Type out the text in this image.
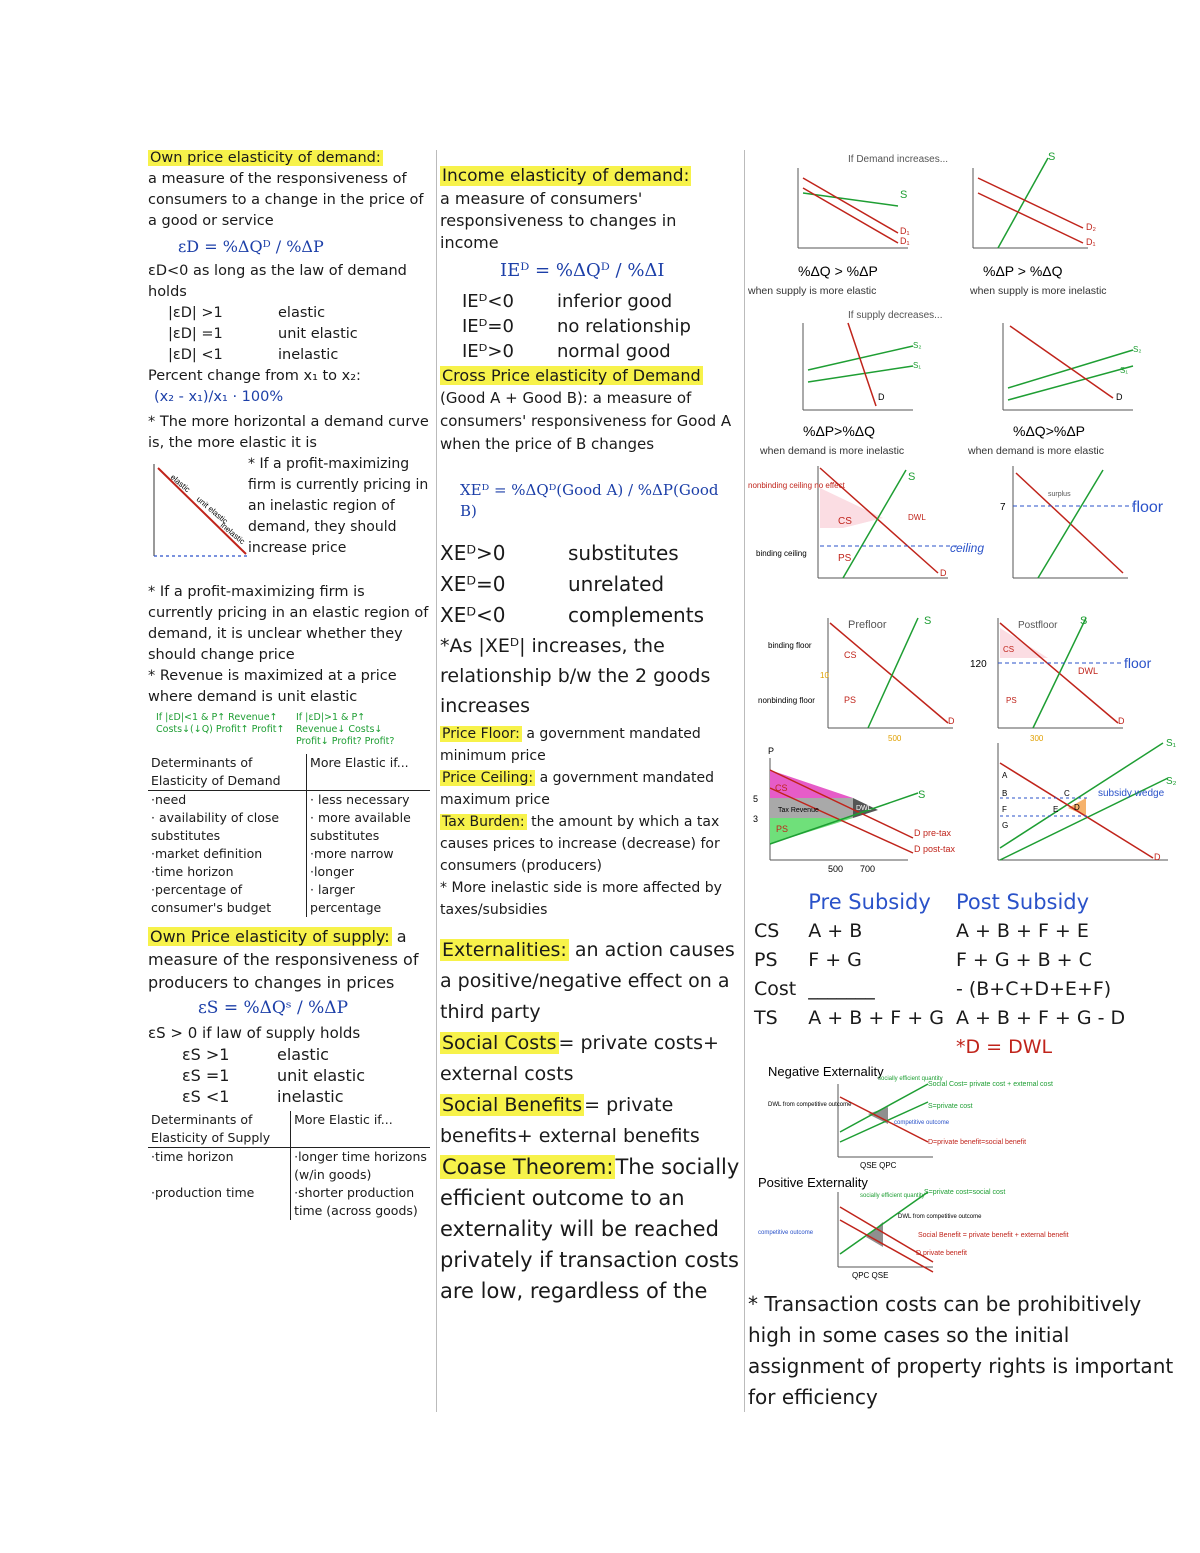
Own price elasticity of demand:

a measure of the responsiveness of consumers to a change in the price of a good or service

εD = %ΔQᴰ / %ΔP

εD<0 as long as the law of demand holds

|εD| >1	elastic

|εD| =1	unit elastic

|εD| <1	inelastic

Percent change from x₁ to x₂:

(x₂ - x₁)/x₁ · 100%

* The more horizontal a demand curve is, the more elastic it is

elastic
unit elastic
inelastic

* If a profit-maximizing firm is currently pricing in an inelastic region of demand, they should increase price

* If a profit-maximizing firm is currently pricing in an elastic region of demand, it is unclear whether they should change price

* Revenue is maximized at a price where demand is unit elastic

If |εD|<1 & P↑ Revenue↑ Costs↓(↓Q) Profit↑ Profit↑
If |εD|>1 & P↑ Revenue↓ Costs↓ Profit↓ Profit? Profit?
Determinants of Elasticity of Demand	More Elastic if...
·need	· less necessary
· availability of close substitutes	· more available substitutes
·market definition	·more narrow
·time horizon	·longer
·percentage of consumer's budget	· larger percentage

Own Price elasticity of supply: a measure of the responsiveness of producers to changes in prices

εS = %ΔQˢ / %ΔP

εS > 0 if law of supply holds

εS >1	elastic

εS =1	unit elastic

εS <1	inelastic

Determinants of Elasticity of Supply	More Elastic if...
·time horizon	·longer time horizons (w/in goods)
·production time	·shorter production time (across goods)

Income elasticity of demand:

a measure of consumers' responsiveness to changes in income

IEᴰ = %ΔQᴰ / %ΔI

IEᴰ<0 inferior good

IEᴰ=0 no relationship

IEᴰ>0 normal good

Cross Price elasticity of Demand

(Good A + Good B): a measure of consumers' responsiveness for Good A when the price of B changes

XEᴰ = %ΔQᴰ(Good A) / %ΔP(Good B)

XEᴰ>0	substitutes

XEᴰ=0	unrelated

XEᴰ<0	complements

*As |XEᴰ| increases, the relationship b/w the 2 goods increases

Price Floor: a government mandated minimum price

Price Ceiling: a government mandated maximum price

Tax Burden: the amount by which a tax causes prices to increase (decrease) for consumers (producers)

* More inelastic side is more affected by taxes/subsidies

Externalities: an action causes a positive/negative effect on a third party

Social Costs = private costs+ external costs

Social Benefits = private benefits+ external benefits

Coase Theorem:The socially efficient outcome to an externality will be reached privately if transaction costs are low, regardless of the

If Demand increases...
S
D₁
D₁
S
D₂
D₁
%ΔQ > %ΔP	%ΔP > %ΔQ
when supply is more elastic	when supply is more inelastic
If supply decreases...
D
S₂
S₁
D
S₂
S₁
%ΔP>%ΔQ	%ΔQ>%ΔP
when demand is more inelastic	when demand is more elastic
CS
PS
DWL
S
D
ceiling
nonbinding ceiling no effect
binding ceiling
7
surplus
floor
Prefloor	S
CS
PS
10
D
500
binding floor
nonbinding floor
Postfloor S
120
CS
PS
DWL floor
D
300
P
5
3
CS
Tax Revenue
PS
DWL
S
D pre-tax
D post-tax
500 700
S₁
S₂
A
B
F
G
C
E D
subsidy wedge
D
	Pre Subsidy	Post Subsidy
CS	A + B	A + B + F + E
PS	F + G	F + G + B + C
Cost	_______	- (B+C+D+E+F)
TS	A + B + F + G	A + B + F + G - D
		*D = DWL
Negative Externality
Social Cost= private cost + external cost
socially efficient quantity
S=private cost
competitive outcome
DWL from competitive outcome
D=private benefit=social benefit
QSE QPC
Positive Externality
S=private cost=social cost
socially efficient quantity
competitive outcome
DWL from competitive outcome
Social Benefit = private benefit + external benefit
D private benefit
QPC QSE

* Transaction costs can be prohibitively high in some cases so the initial assignment of property rights is important for efficiency
